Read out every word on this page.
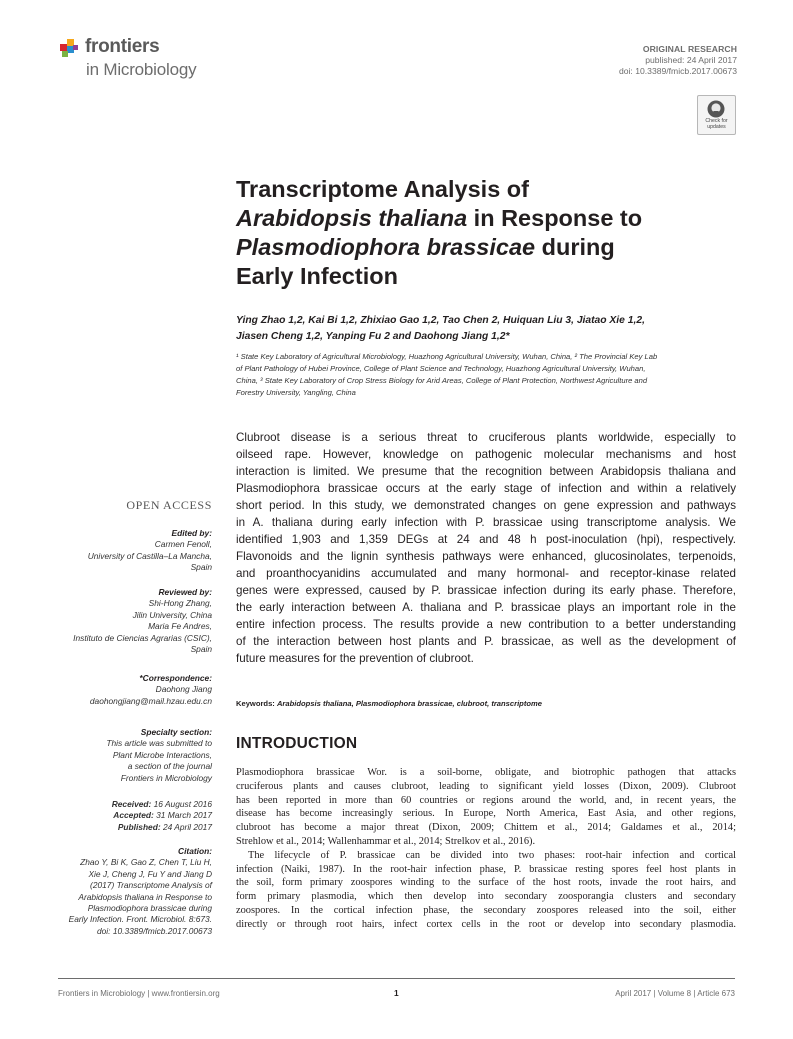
frontiers
in Microbiology
ORIGINAL RESEARCH
published: 24 April 2017
doi: 10.3389/fmicb.2017.00673
Check for
updates
Transcriptome Analysis of
Arabidopsis thaliana in Response to
Plasmodiophora brassicae during
Early Infection
Ying Zhao 1,2, Kai Bi 1,2, Zhixiao Gao 1,2, Tao Chen 2, Huiquan Liu 3, Jiatao Xie 1,2,
Jiasen Cheng 1,2, Yanping Fu 2 and Daohong Jiang 1,2*
¹ State Key Laboratory of Agricultural Microbiology, Huazhong Agricultural University, Wuhan, China, ² The Provincial Key Lab
of Plant Pathology of Hubei Province, College of Plant Science and Technology, Huazhong Agricultural University, Wuhan,
China, ³ State Key Laboratory of Crop Stress Biology for Arid Areas, College of Plant Protection, Northwest Agriculture and
Forestry University, Yangling, China
Clubroot disease is a serious threat to cruciferous plants worldwide, especially to
oilseed rape. However, knowledge on pathogenic molecular mechanisms and host
interaction is limited. We presume that the recognition between Arabidopsis thaliana and
Plasmodiophora brassicae occurs at the early stage of infection and within a relatively
short period. In this study, we demonstrated changes on gene expression and pathways
in A. thaliana during early infection with P. brassicae using transcriptome analysis. We
identified 1,903 and 1,359 DEGs at 24 and 48 h post-inoculation (hpi), respectively.
Flavonoids and the lignin synthesis pathways were enhanced, glucosinolates, terpenoids,
and proanthocyanidins accumulated and many hormonal- and receptor-kinase related
genes were expressed, caused by P. brassicae infection during its early phase. Therefore,
the early interaction between A. thaliana and P. brassicae plays an important role in the
entire infection process. The results provide a new contribution to a better understanding
of the interaction between host plants and P. brassicae, as well as the development of
future measures for the prevention of clubroot.
Keywords: Arabidopsis thaliana, Plasmodiophora brassicae, clubroot, transcriptome
OPEN ACCESS
Edited by:
Carmen Fenoll,
University of Castilla–La Mancha,
Spain
Reviewed by:
Shi-Hong Zhang,
Jilin University, China
Maria Fe Andres,
Instituto de Ciencias Agrarias (CSIC),
Spain
*Correspondence:
Daohong Jiang
daohongjiang@mail.hzau.edu.cn
Specialty section:
This article was submitted to
Plant Microbe Interactions,
a section of the journal
Frontiers in Microbiology
Received: 16 August 2016
Accepted: 31 March 2017
Published: 24 April 2017
Citation:
Zhao Y, Bi K, Gao Z, Chen T, Liu H,
Xie J, Cheng J, Fu Y and Jiang D
(2017) Transcriptome Analysis of
Arabidopsis thaliana in Response to
Plasmodiophora brassicae during
Early Infection. Front. Microbiol. 8:673.
doi: 10.3389/fmicb.2017.00673
INTRODUCTION
Plasmodiophora brassicae Wor. is a soil-borne, obligate, and biotrophic pathogen that attacks
cruciferous plants and causes clubroot, leading to significant yield losses (Dixon, 2009). Clubroot
has been reported in more than 60 countries or regions around the world, and, in recent years, the
disease has become increasingly serious. In Europe, North America, East Asia, and other regions,
clubroot has become a major threat (Dixon, 2009; Chittem et al., 2014; Galdames et al., 2014;
Strehlow et al., 2014; Wallenhammar et al., 2014; Strelkov et al., 2016).
The lifecycle of P. brassicae can be divided into two phases: root-hair infection and cortical
infection (Naiki, 1987). In the root-hair infection phase, P. brassicae resting spores feel host plants in
the soil, form primary zoospores winding to the surface of the host roots, invade the root hairs, and
form primary plasmodia, which then develop into secondary zoosporangia clusters and secondary
zoospores. In the cortical infection phase, the secondary zoospores released into the soil, either
directly or through root hairs, infect cortex cells in the root or develop into secondary plasmodia.
Frontiers in Microbiology | www.frontiersin.org	1	April 2017 | Volume 8 | Article 673
